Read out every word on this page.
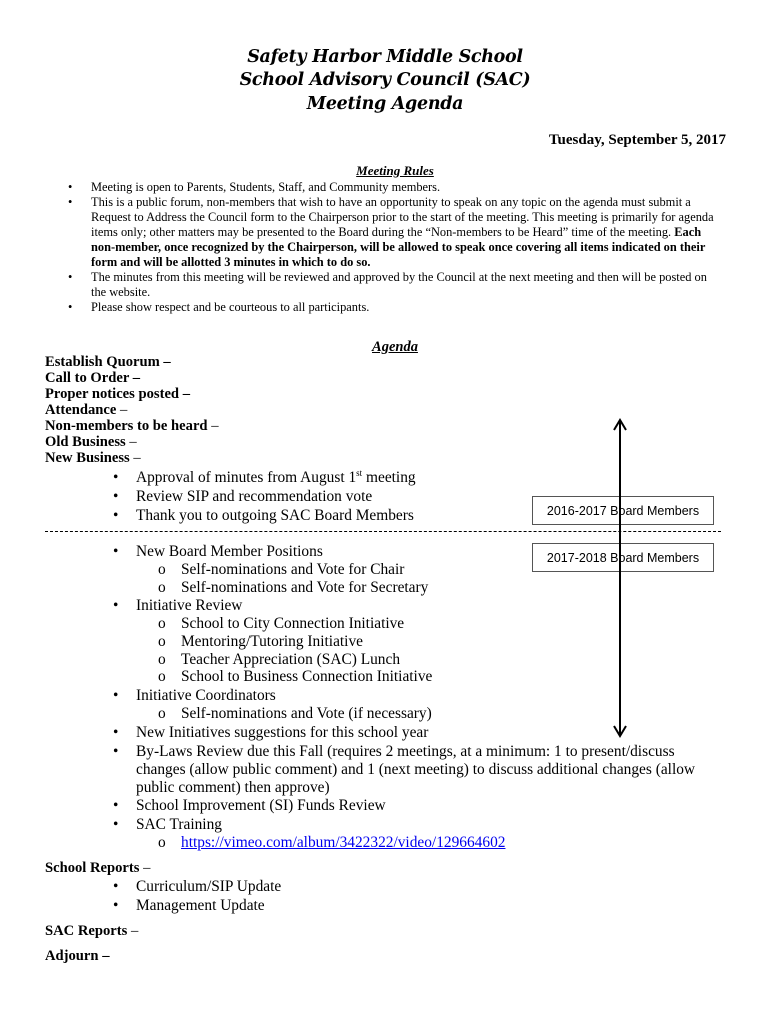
Safety Harbor Middle School
School Advisory Council (SAC)
Meeting Agenda
Tuesday, September 5, 2017
Meeting Rules
• Meeting is open to Parents, Students, Staff, and Community members.
• This is a public forum, non-members that wish to have an opportunity to speak on any topic on the agenda must submit a Request to Address the Council form to the Chairperson prior to the start of the meeting. This meeting is primarily for agenda items only; other matters may be presented to the Board during the “Non-members to be Heard” time of the meeting. Each non-member, once recognized by the Chairperson, will be allowed to speak once covering all items indicated on their form and will be allotted 3 minutes in which to do so.
• The minutes from this meeting will be reviewed and approved by the Council at the next meeting and then will be posted on the website.
• Please show respect and be courteous to all participants.
Agenda
Establish Quorum –
Call to Order –
Proper notices posted –
Attendance –
Non-members to be heard –
Old Business –
New Business –
• Approval of minutes from August 1st meeting
• Review SIP and recommendation vote
• Thank you to outgoing SAC Board Members	2016-2017 Board Members
2017-2018 Board Members
• New Board Member Positions
o Self-nominations and Vote for Chair
o Self-nominations and Vote for Secretary
• Initiative Review
o School to City Connection Initiative
o Mentoring/Tutoring Initiative
o Teacher Appreciation (SAC) Lunch
o School to Business Connection Initiative
• Initiative Coordinators
o Self-nominations and Vote (if necessary)
• New Initiatives suggestions for this school year
• By-Laws Review due this Fall (requires 2 meetings, at a minimum: 1 to present/discuss changes (allow public comment) and 1 (next meeting) to discuss additional changes (allow public comment) then approve)
• School Improvement (SI) Funds Review
• SAC Training
o https://vimeo.com/album/3422322/video/129664602
School Reports –
• Curriculum/SIP Update
• Management Update
SAC Reports –
Adjourn –
